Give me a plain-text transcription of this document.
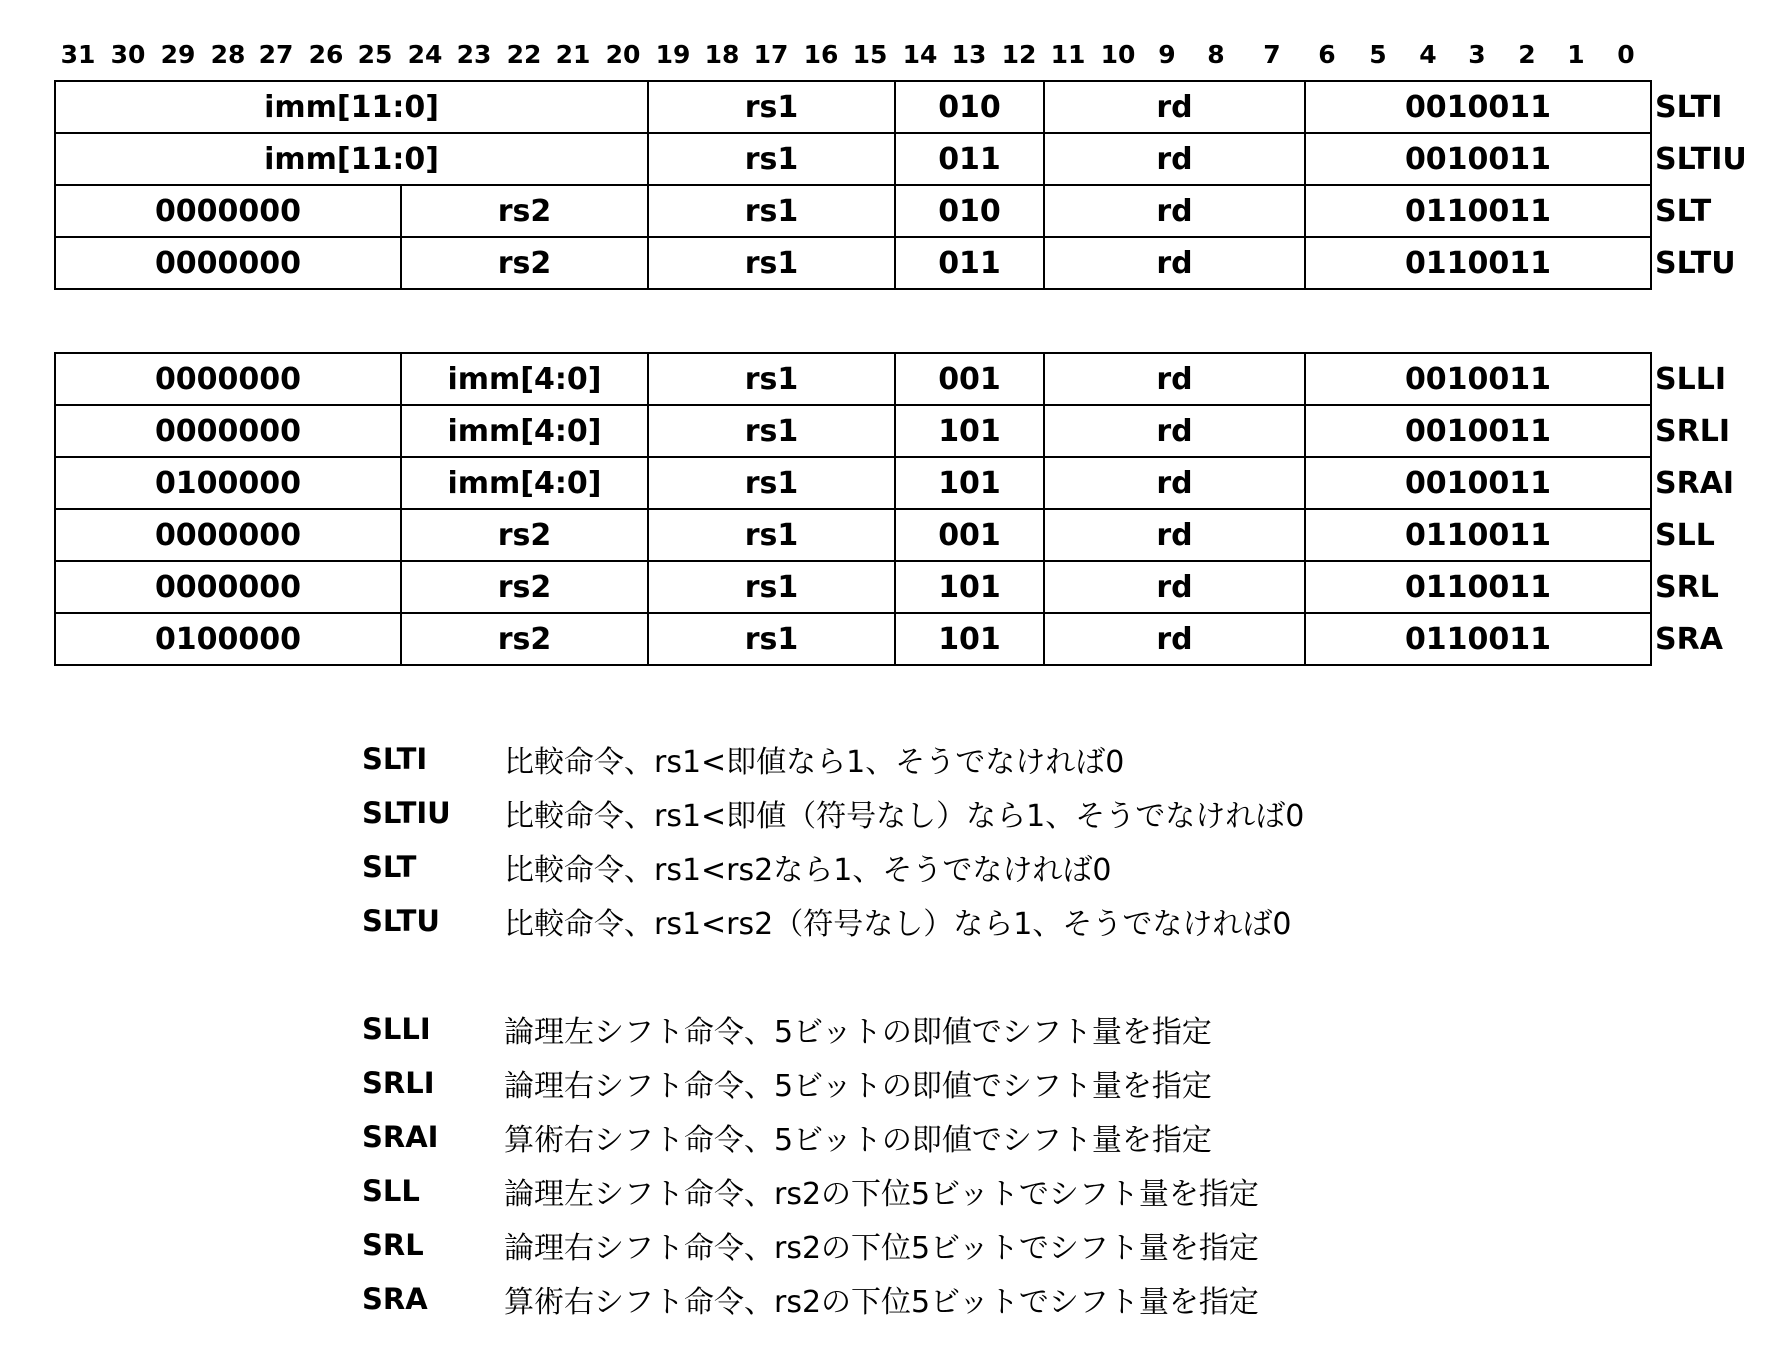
31 30 29 28 27 26 25 24 23 22 21 20 19 18 17 16 15 14 13 12 11 10 9	8	7	6	5	4	3	2	1	0
imm[11:0]		rs1	010	rd	0010011	SLTI
imm[11:0]		rs1	011	rd	0010011	SLTIU
0000000	rs2	rs1	010	rd	0110011	SLT
0000000	rs2	rs1	011	rd	0110011	SLTU
0000000	imm[4:0]	rs1	001	rd	0010011	SLLI
0000000	imm[4:0]	rs1	101	rd	0010011	SRLI
0100000	imm[4:0]	rs1	101	rd	0010011	SRAI
0000000	rs2	rs1	001	rd	0110011	SLL
0000000	rs2	rs1	101	rd	0110011	SRL
0100000	rs2	rs1	101	rd	0110011	SRA
SLTI	比較命令、rs1<即値なら1、そうでなければ0
SLTIU	比較命令、rs1<即値（符号なし）なら1、そうでなければ0
SLT	比較命令、rs1<rs2なら1、そうでなければ0
SLTU	比較命令、rs1<rs2（符号なし）なら1、そうでなければ0
SLLI	論理左シフト命令、5ビットの即値でシフト量を指定
SRLI	論理右シフト命令、5ビットの即値でシフト量を指定
SRAI	算術右シフト命令、5ビットの即値でシフト量を指定
SLL	論理左シフト命令、rs2の下位5ビットでシフト量を指定
SRL	論理右シフト命令、rs2の下位5ビットでシフト量を指定
SRA	算術右シフト命令、rs2の下位5ビットでシフト量を指定
